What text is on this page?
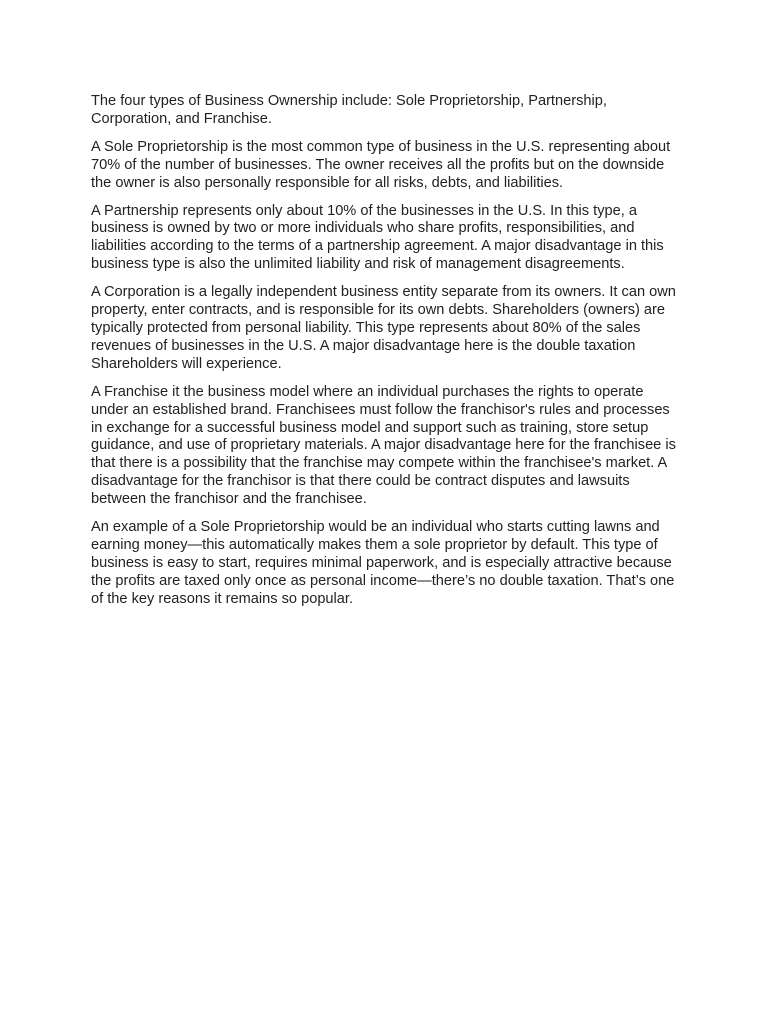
The four types of Business Ownership include: Sole Proprietorship, Partnership, Corporation, and Franchise.

A Sole Proprietorship is the most common type of business in the U.S. representing about 70% of the number of businesses. The owner receives all the profits but on the downside the owner is also personally responsible for all risks, debts, and liabilities.

A Partnership represents only about 10% of the businesses in the U.S. In this type, a business is owned by two or more individuals who share profits, responsibilities, and liabilities according to the terms of a partnership agreement. A major disadvantage in this business type is also the unlimited liability and risk of management disagreements.

A Corporation is a legally independent business entity separate from its owners. It can own property, enter contracts, and is responsible for its own debts. Shareholders (owners) are typically protected from personal liability. This type represents about 80% of the sales revenues of businesses in the U.S. A major disadvantage here is the double taxation Shareholders will experience.

A Franchise it the business model where an individual purchases the rights to operate under an established brand. Franchisees must follow the franchisor's rules and processes in exchange for a successful business model and support such as training, store setup guidance, and use of proprietary materials. A major disadvantage here for the franchisee is that there is a possibility that the franchise may compete within the franchisee's market. A disadvantage for the franchisor is that there could be contract disputes and lawsuits between the franchisor and the franchisee.

An example of a Sole Proprietorship would be an individual who starts cutting lawns and earning money—this automatically makes them a sole proprietor by default. This type of business is easy to start, requires minimal paperwork, and is especially attractive because the profits are taxed only once as personal income—there’s no double taxation. That’s one of the key reasons it remains so popular.
